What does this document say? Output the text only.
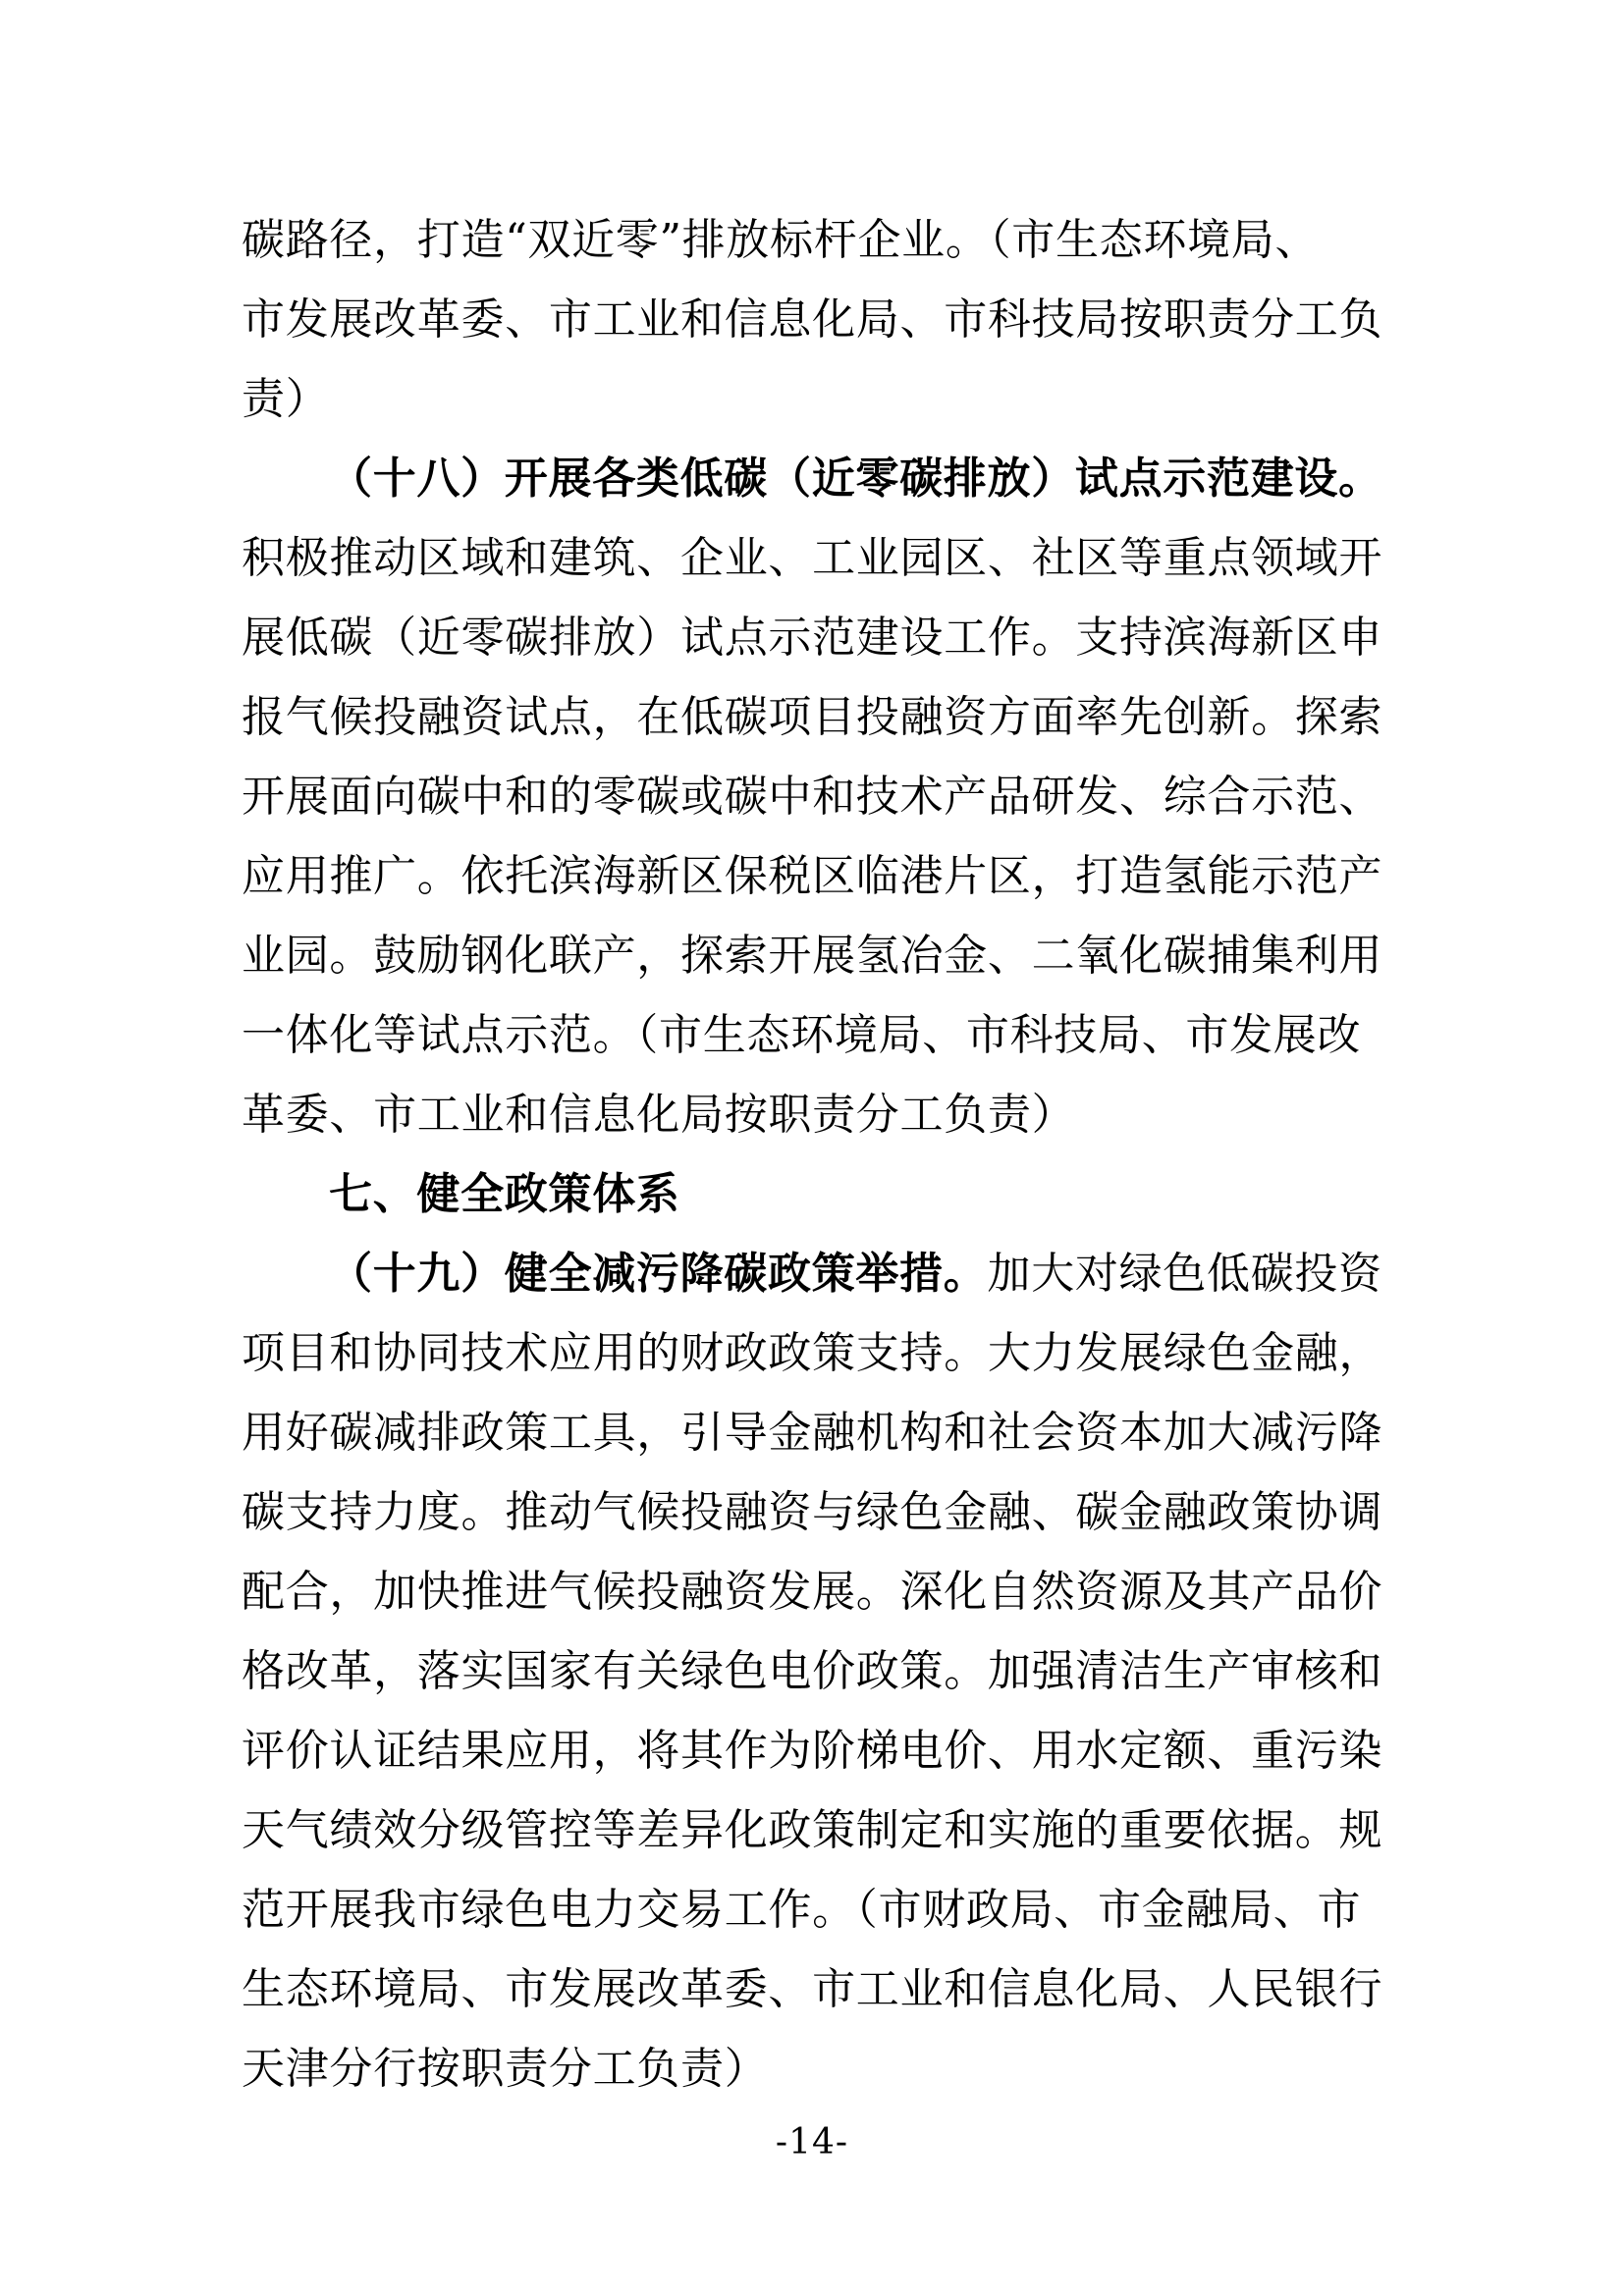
碳路径，打造“双近零”排放标杆企业。（市生态环境局、
市发展改革委、市工业和信息化局、市科技局按职责分工负
责）
（十八）开展各类低碳（近零碳排放）试点示范建设。
积极推动区域和建筑、企业、工业园区、社区等重点领域开
展低碳（近零碳排放）试点示范建设工作。支持滨海新区申
报气候投融资试点，在低碳项目投融资方面率先创新。探索
开展面向碳中和的零碳或碳中和技术产品研发、综合示范、
应用推广。依托滨海新区保税区临港片区，打造氢能示范产
业园。鼓励钢化联产，探索开展氢冶金、二氧化碳捕集利用
一体化等试点示范。（市生态环境局、市科技局、市发展改
革委、市工业和信息化局按职责分工负责）
七、健全政策体系
（十九）健全减污降碳政策举措。加大对绿色低碳投资
项目和协同技术应用的财政政策支持。大力发展绿色金融，
用好碳减排政策工具，引导金融机构和社会资本加大减污降
碳支持力度。推动气候投融资与绿色金融、碳金融政策协调
配合，加快推进气候投融资发展。深化自然资源及其产品价
格改革，落实国家有关绿色电价政策。加强清洁生产审核和
评价认证结果应用，将其作为阶梯电价、用水定额、重污染
天气绩效分级管控等差异化政策制定和实施的重要依据。规
范开展我市绿色电力交易工作。（市财政局、市金融局、市
生态环境局、市发展改革委、市工业和信息化局、人民银行
天津分行按职责分工负责）
-14-
